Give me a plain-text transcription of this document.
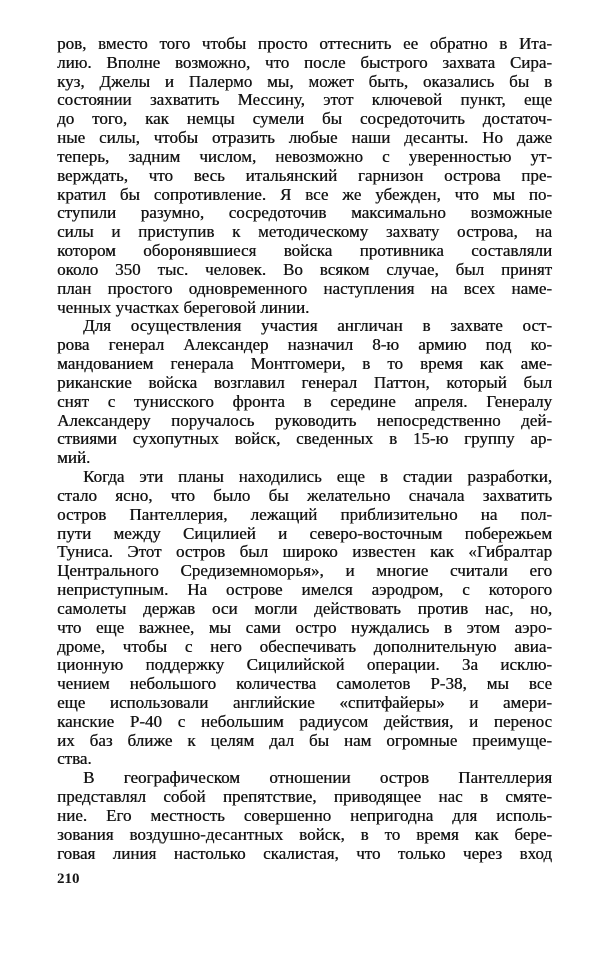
ров, вместо того чтобы просто оттеснить ее обратно в Ита-
лию. Вполне возможно, что после быстрого захвата Сира-
куз, Джелы и Палермо мы, может быть, оказались бы в
состоянии захватить Мессину, этот ключевой пункт, еще
до того, как немцы сумели бы сосредоточить достаточ-
ные силы, чтобы отразить любые наши десанты. Но даже
теперь, задним числом, невозможно с уверенностью ут-
верждать, что весь итальянский гарнизон острова пре-
кратил бы сопротивление. Я все же убежден, что мы по-
ступили разумно, сосредоточив максимально возможные
силы и приступив к методическому захвату острова, на
котором оборонявшиеся войска противника составляли
около 350 тыс. человек. Во всяком случае, был принят
план простого одновременного наступления на всех наме-
ченных участках береговой линии.
Для осуществления участия англичан в захвате ост-
рова генерал Александер назначил 8-ю армию под ко-
мандованием генерала Монтгомери, в то время как аме-
риканские войска возглавил генерал Паттон, который был
снят с тунисского фронта в середине апреля. Генералу
Александеру поручалось руководить непосредственно дей-
ствиями сухопутных войск, сведенных в 15-ю группу ар-
мий.
Когда эти планы находились еще в стадии разработки,
стало ясно, что было бы желательно сначала захватить
остров Пантеллерия, лежащий приблизительно на пол-
пути между Сицилией и северо-восточным побережьем
Туниса. Этот остров был широко известен как «Гибралтар
Центрального Средиземноморья», и многие считали его
неприступным. На острове имелся аэродром, с которого
самолеты держав оси могли действовать против нас, но,
что еще важнее, мы сами остро нуждались в этом аэро-
дроме, чтобы с него обеспечивать дополнительную авиа-
ционную поддержку Сицилийской операции. За исклю-
чением небольшого количества самолетов Р-38, мы все
еще использовали английские «спитфайеры» и амери-
канские Р-40 с небольшим радиусом действия, и перенос
их баз ближе к целям дал бы нам огромные преимуще-
ства.
В географическом отношении остров Пантеллерия
представлял собой препятствие, приводящее нас в смяте-
ние. Его местность совершенно непригодна для исполь-
зования воздушно-десантных войск, в то время как бере-
говая линия настолько скалистая, что только через вход
210
